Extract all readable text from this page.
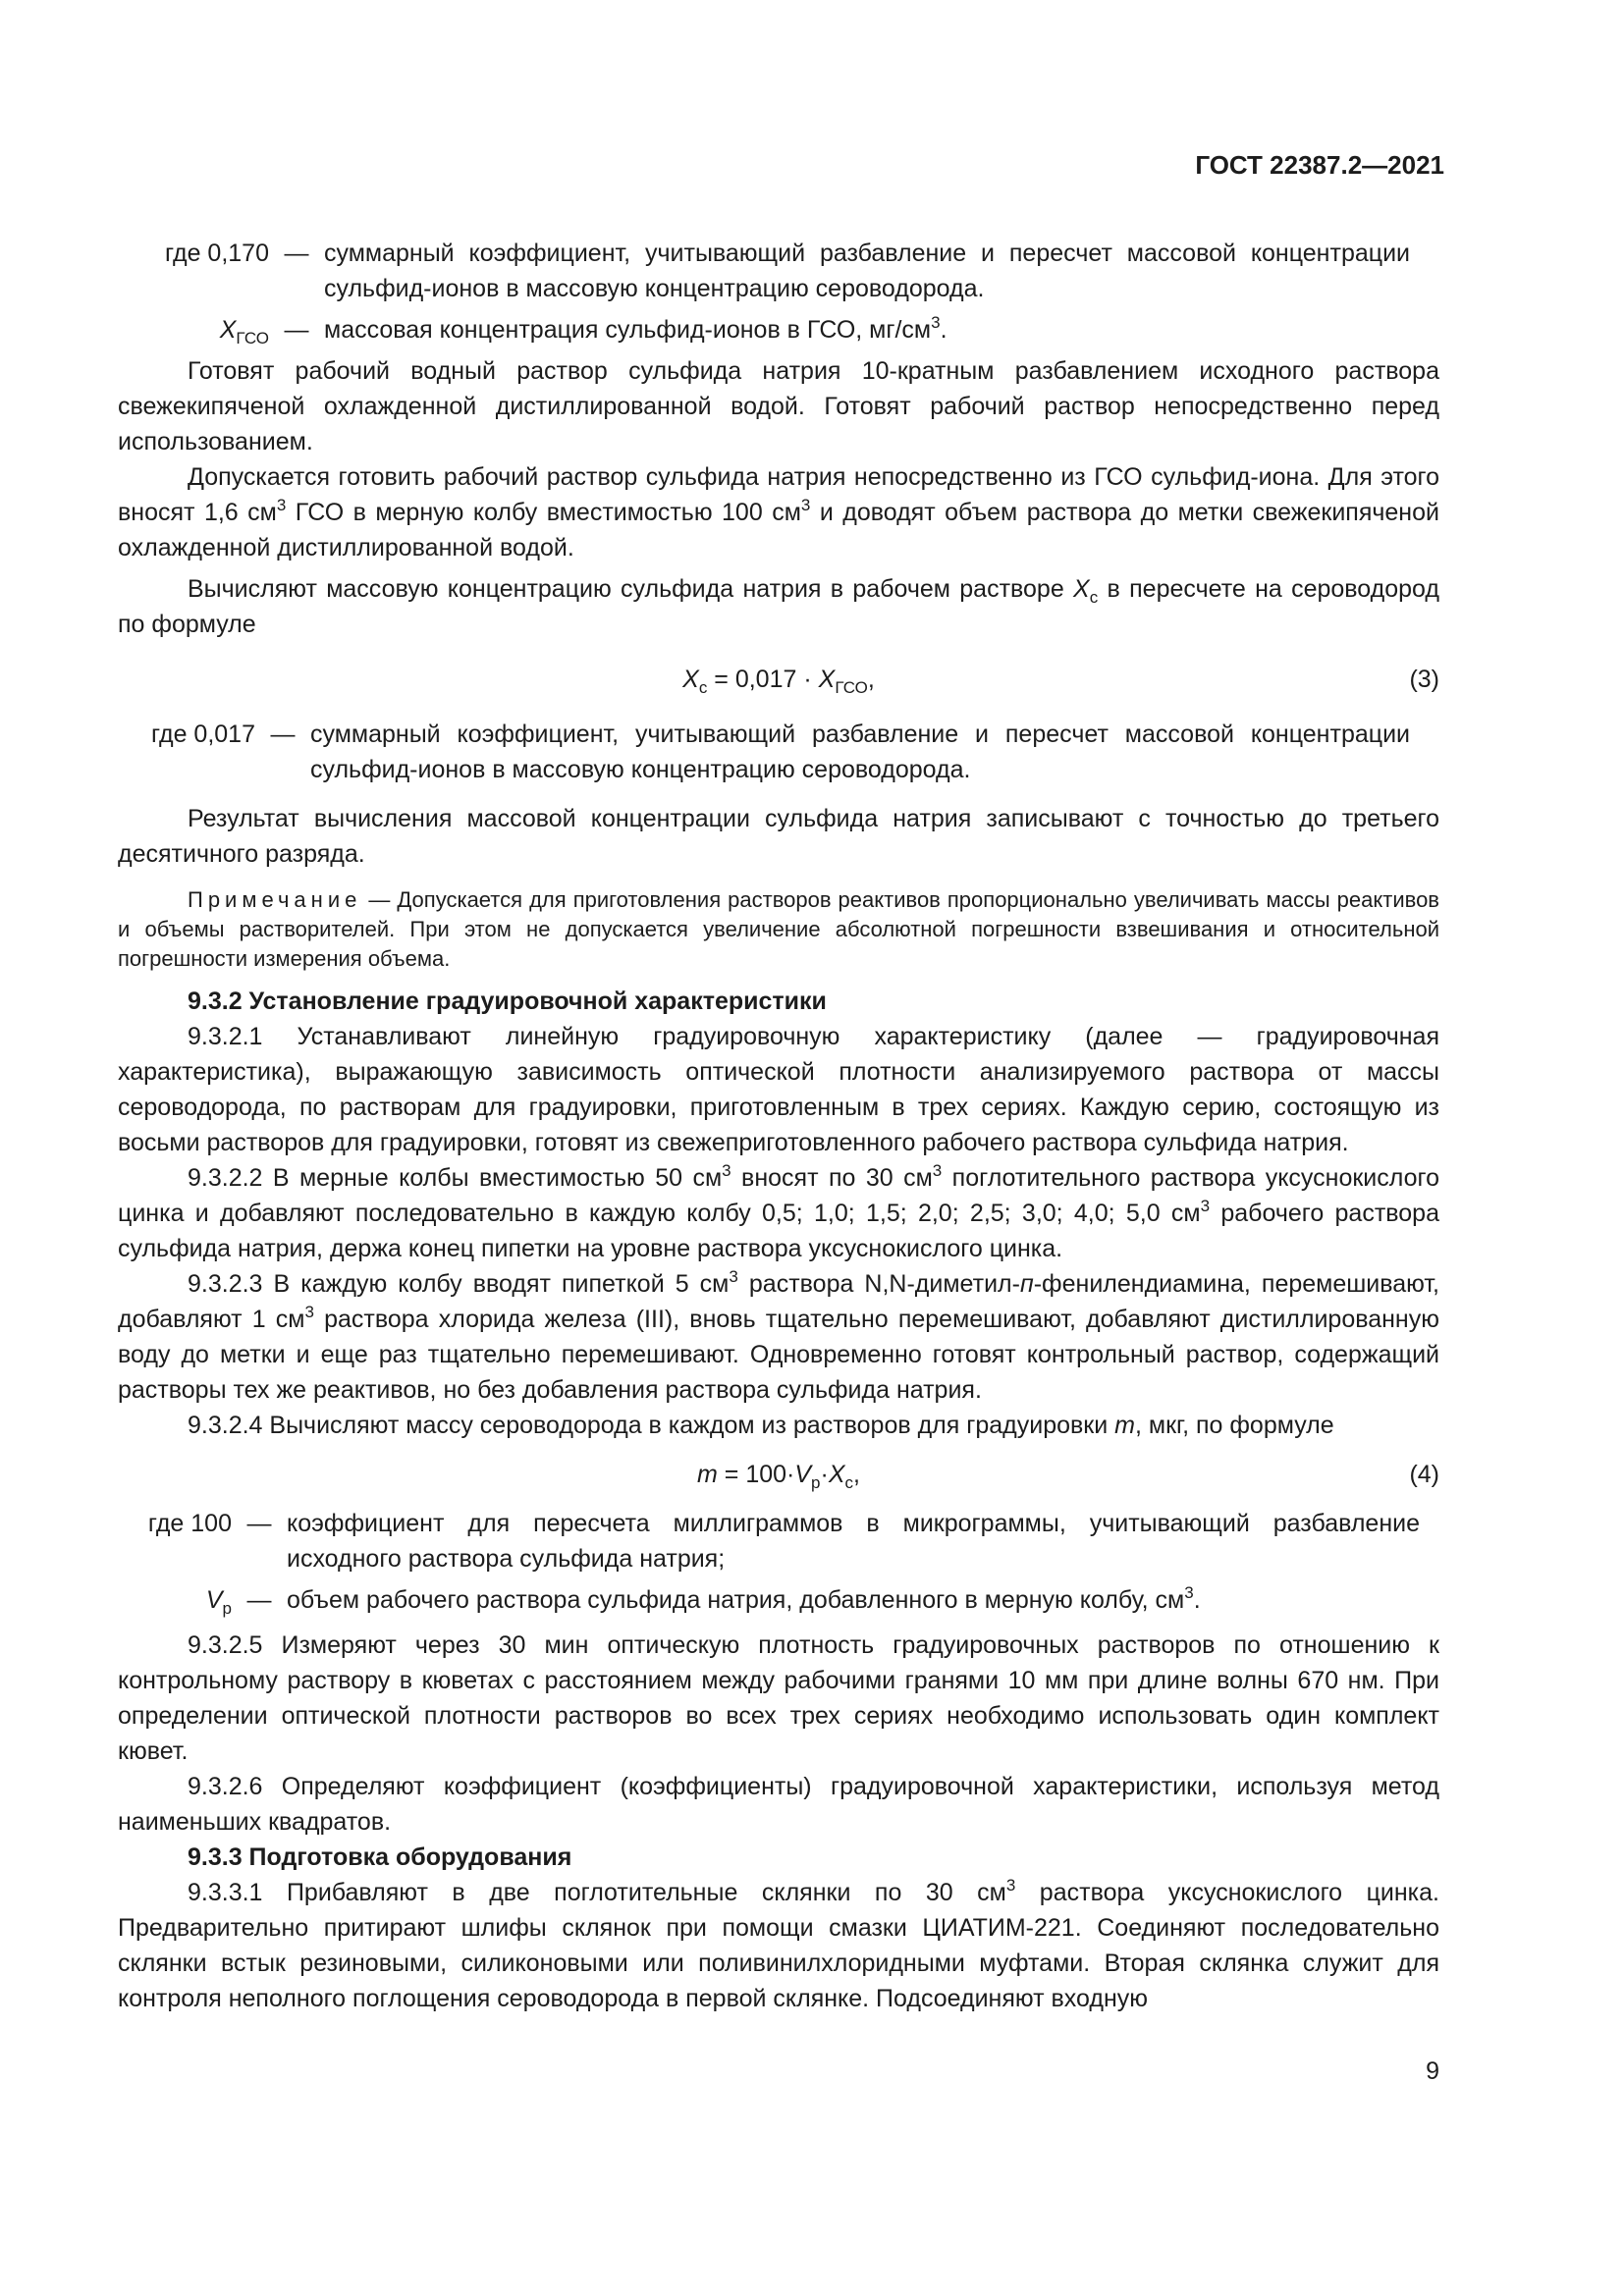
ГОСТ 22387.2—2021
где 0,170 — суммарный коэффициент, учитывающий разбавление и пересчет массовой концентрации сульфид-ионов в массовую концентрацию сероводорода.
$X_{ГСО}$ — массовая концентрация сульфид-ионов в ГСО, $мг/см^3$.

Готовят рабочий водный раствор сульфида натрия 10-кратным разбавлением исходного раствора свежекипяченой охлажденной дистиллированной водой. Готовят рабочий раствор непосредственно перед использованием.

Допускается готовить рабочий раствор сульфида натрия непосредственно из ГСО сульфид-иона. Для этого вносят 1,6 $см^3$ ГСО в мерную колбу вместимостью 100 $см^3$ и доводят объем раствора до метки свежекипяченой охлажденной дистиллированной водой.

Вычисляют массовую концентрацию сульфида натрия в рабочем растворе $X_с$ в пересчете на сероводород по формуле

$X_с = 0,017 \cdot X_{ГСО}$,	(3)
где 0,017 — суммарный коэффициент, учитывающий разбавление и пересчет массовой концентрации сульфид-ионов в массовую концентрацию сероводорода.

Результат вычисления массовой концентрации сульфида натрия записывают с точностью до третьего десятичного разряда.

Примечание — Допускается для приготовления растворов реактивов пропорционально увеличивать массы реактивов и объемы растворителей. При этом не допускается увеличение абсолютной погрешности взвешивания и относительной погрешности измерения объема.

9.3.2 Установление градуировочной характеристики

9.3.2.1 Устанавливают линейную градуировочную характеристику (далее — градуировочная характеристика), выражающую зависимость оптической плотности анализируемого раствора от массы сероводорода, по растворам для градуировки, приготовленным в трех сериях. Каждую серию, состоящую из восьми растворов для градуировки, готовят из свежеприготовленного рабочего раствора сульфида натрия.

9.3.2.2 В мерные колбы вместимостью 50 $см^3$ вносят по 30 $см^3$ поглотительного раствора уксуснокислого цинка и добавляют последовательно в каждую колбу 0,5; 1,0; 1,5; 2,0; 2,5; 3,0; 4,0; 5,0 $см^3$ рабочего раствора сульфида натрия, держа конец пипетки на уровне раствора уксуснокислого цинка.

9.3.2.3 В каждую колбу вводят пипеткой 5 $см^3$ раствора N,N-диметил-п-фенилендиамина, перемешивают, добавляют 1 $см^3$ раствора хлорида железа (III), вновь тщательно перемешивают, добавляют дистиллированную воду до метки и еще раз тщательно перемешивают. Одновременно готовят контрольный раствор, содержащий растворы тех же реактивов, но без добавления раствора сульфида натрия.

9.3.2.4 Вычисляют массу сероводорода в каждом из растворов для градуировки m, мкг, по формуле

$m = 100\cdot V_р\cdot X_с$,	(4)
где 100 — коэффициент для пересчета миллиграммов в микрограммы, учитывающий разбавление исходного раствора сульфида натрия;
$V_р$ — объем рабочего раствора сульфида натрия, добавленного в мерную колбу, $см^3$.

9.3.2.5 Измеряют через 30 мин оптическую плотность градуировочных растворов по отношению к контрольному раствору в кюветах с расстоянием между рабочими гранями 10 мм при длине волны 670 нм. При определении оптической плотности растворов во всех трех сериях необходимо использовать один комплект кювет.

9.3.2.6 Определяют коэффициент (коэффициенты) градуировочной характеристики, используя метод наименьших квадратов.

9.3.3 Подготовка оборудования

9.3.3.1 Прибавляют в две поглотительные склянки по 30 $см^3$ раствора уксуснокислого цинка. Предварительно притирают шлифы склянок при помощи смазки ЦИАТИМ-221. Соединяют последовательно склянки встык резиновыми, силиконовыми или поливинилхлоридными муфтами. Вторая склянка служит для контроля неполного поглощения сероводорода в первой склянке. Подсоединяют входную

9
